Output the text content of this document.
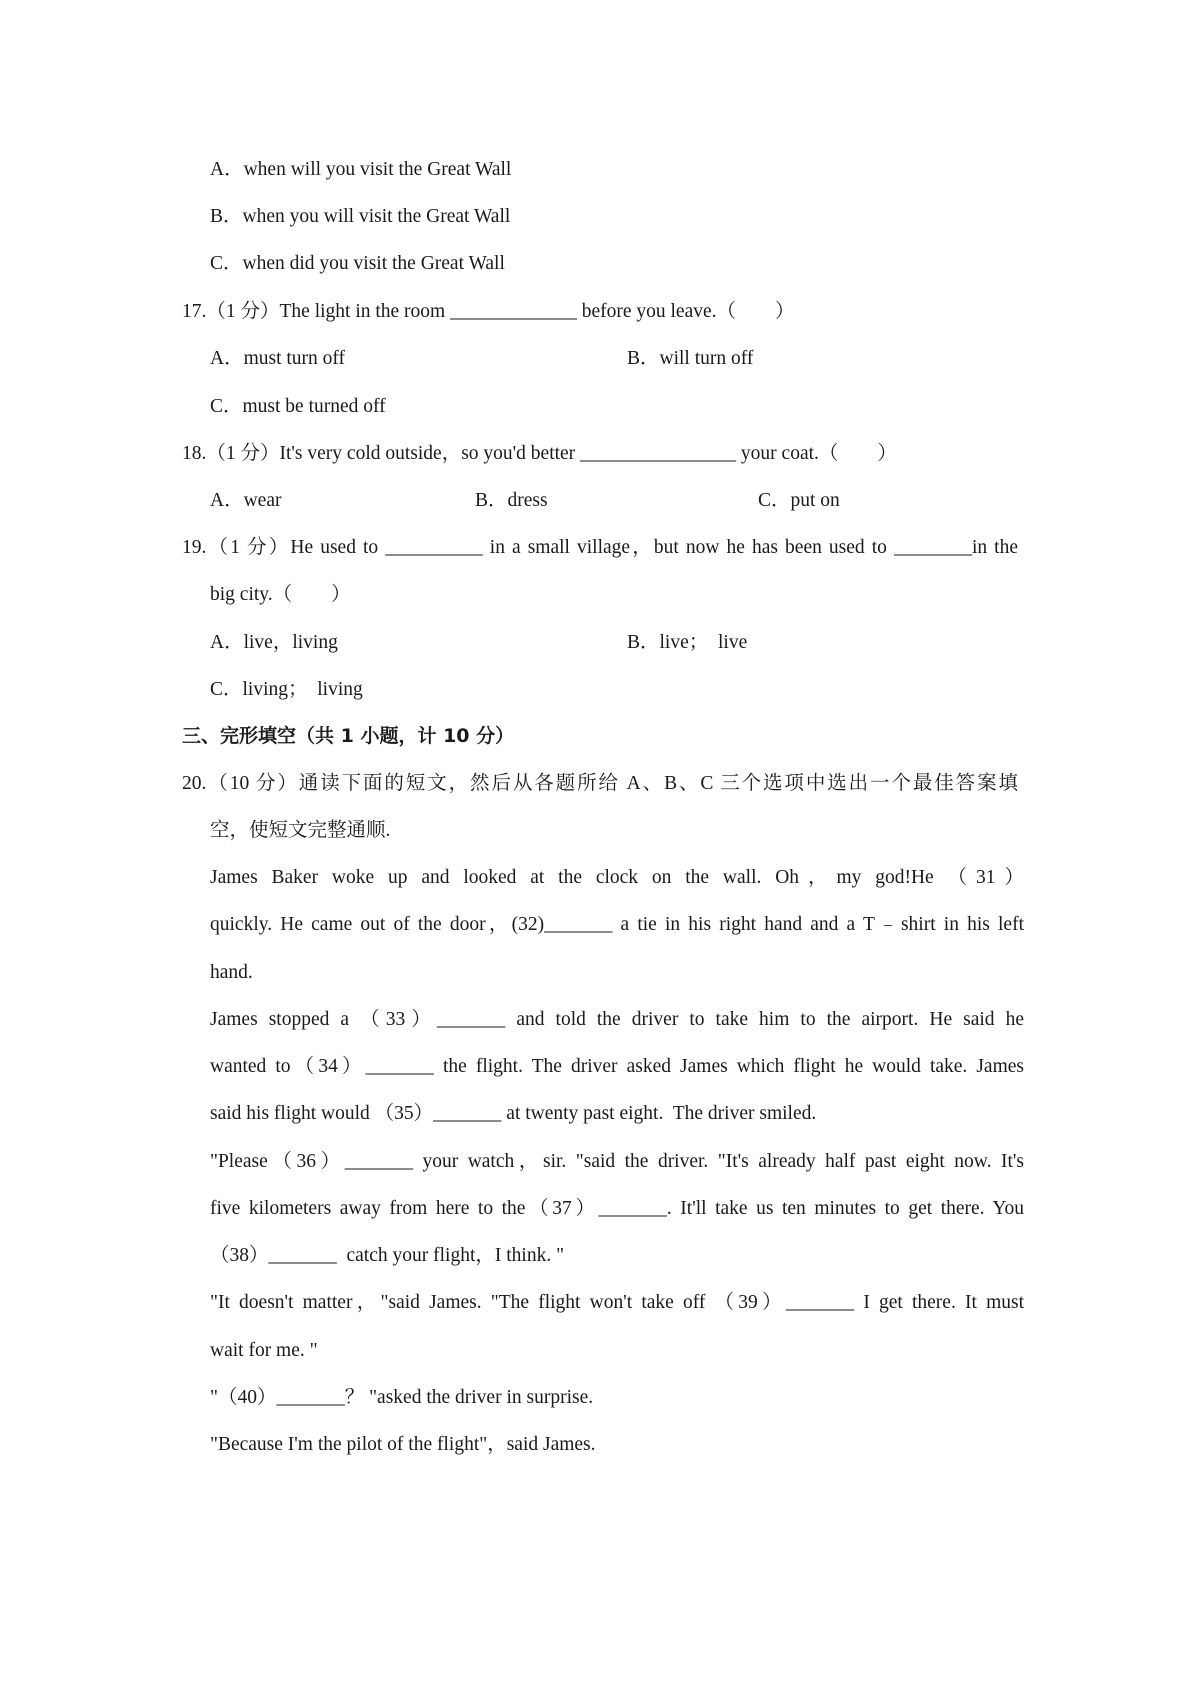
A．when will you visit the Great Wall
B．when you will visit the Great Wall
C．when did you visit the Great Wall
17.（1 分）The light in the room _____________ before you leave.（　　）
A．must turn off	B．will turn off
C．must be turned off
18.（1 分）It's very cold outside，so you'd better ________________ your coat.（　　）
A．wear	B．dress	C．put on
19.（1 分）He used to __________ in a small village，but now he has been used to ________in the
big city.（　　）
A．live，living	B．live；  live
C．living；  living
三、完形填空（共 1 小题，计 10 分）
20.（10 分）通读下面的短文，然后从各题所给 A、B、C 三个选项中选出一个最佳答案填
空，使短文完整通顺.
James Baker woke up and looked at the clock on the wall. Oh，my god!He （31）
quickly. He came out of the door，(32)_______ a tie in his right hand and a T﹣shirt in his left
hand.
James stopped a （33）_______ and told the driver to take him to the airport. He said he
wanted to（34）_______ the flight. The driver asked James which flight he would take. James
said his flight would （35）_______ at twenty past eight.  The driver smiled.
"Please（36）_______ your watch，sir. "said the driver. "It's already half past eight now. It's
five kilometers away from here to the（37）_______. It'll take us ten minutes to get there. You
（38）_______  catch your flight，I think. "
"It doesn't matter，"said James. "The flight won't take off （39）_______ I get there. It must
wait for me. "
"（40）_______？ "asked the driver in surprise.
"Because I'm the pilot of the flight"，said James.
